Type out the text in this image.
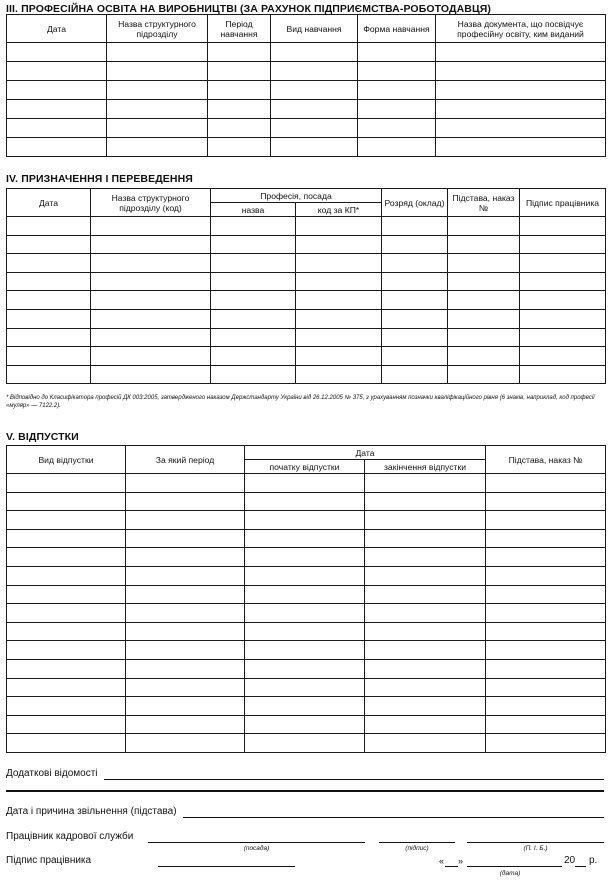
III. ПРОФЕСІЙНА ОСВІТА НА ВИРОБНИЦТВІ (ЗА РАХУНОК ПІДПРИЄМСТВА-РОБОТОДАВЦЯ)
Дата	Назва структурного підрозділу	Період навчання	Вид навчання	Форма навчання	Назва документа, що посвідчує професійну освіту, ким виданий

IV. ПРИЗНАЧЕННЯ І ПЕРЕВЕДЕННЯ
Дата	Назва структурного підрозділу (код)	Професія, посада		Розряд (оклад)	Підстава, наказ №	Підпис працівника
		назва	код за КП*			

* Відповідно до Класифікатора професій ДК 003:2005, затвердженого наказом Держстандарту України від 26.12.2005 № 375, з урахуванням позначки кваліфікаційного рівня (6 знаків, наприклад, код професії «муляр» — 7122.2).
V. ВІДПУСТКИ
Вид відпустки	За який період	Дата		Підстава, наказ №
		початку відпустки	закінчення відпустки	

Додаткові відомості
Дата і причина звільнення (підстава)
Працівник кадрової служби
(посада)	(підпис)	(П. І. Б.)
Підпис працівника	« »	20 р.
(дата)
